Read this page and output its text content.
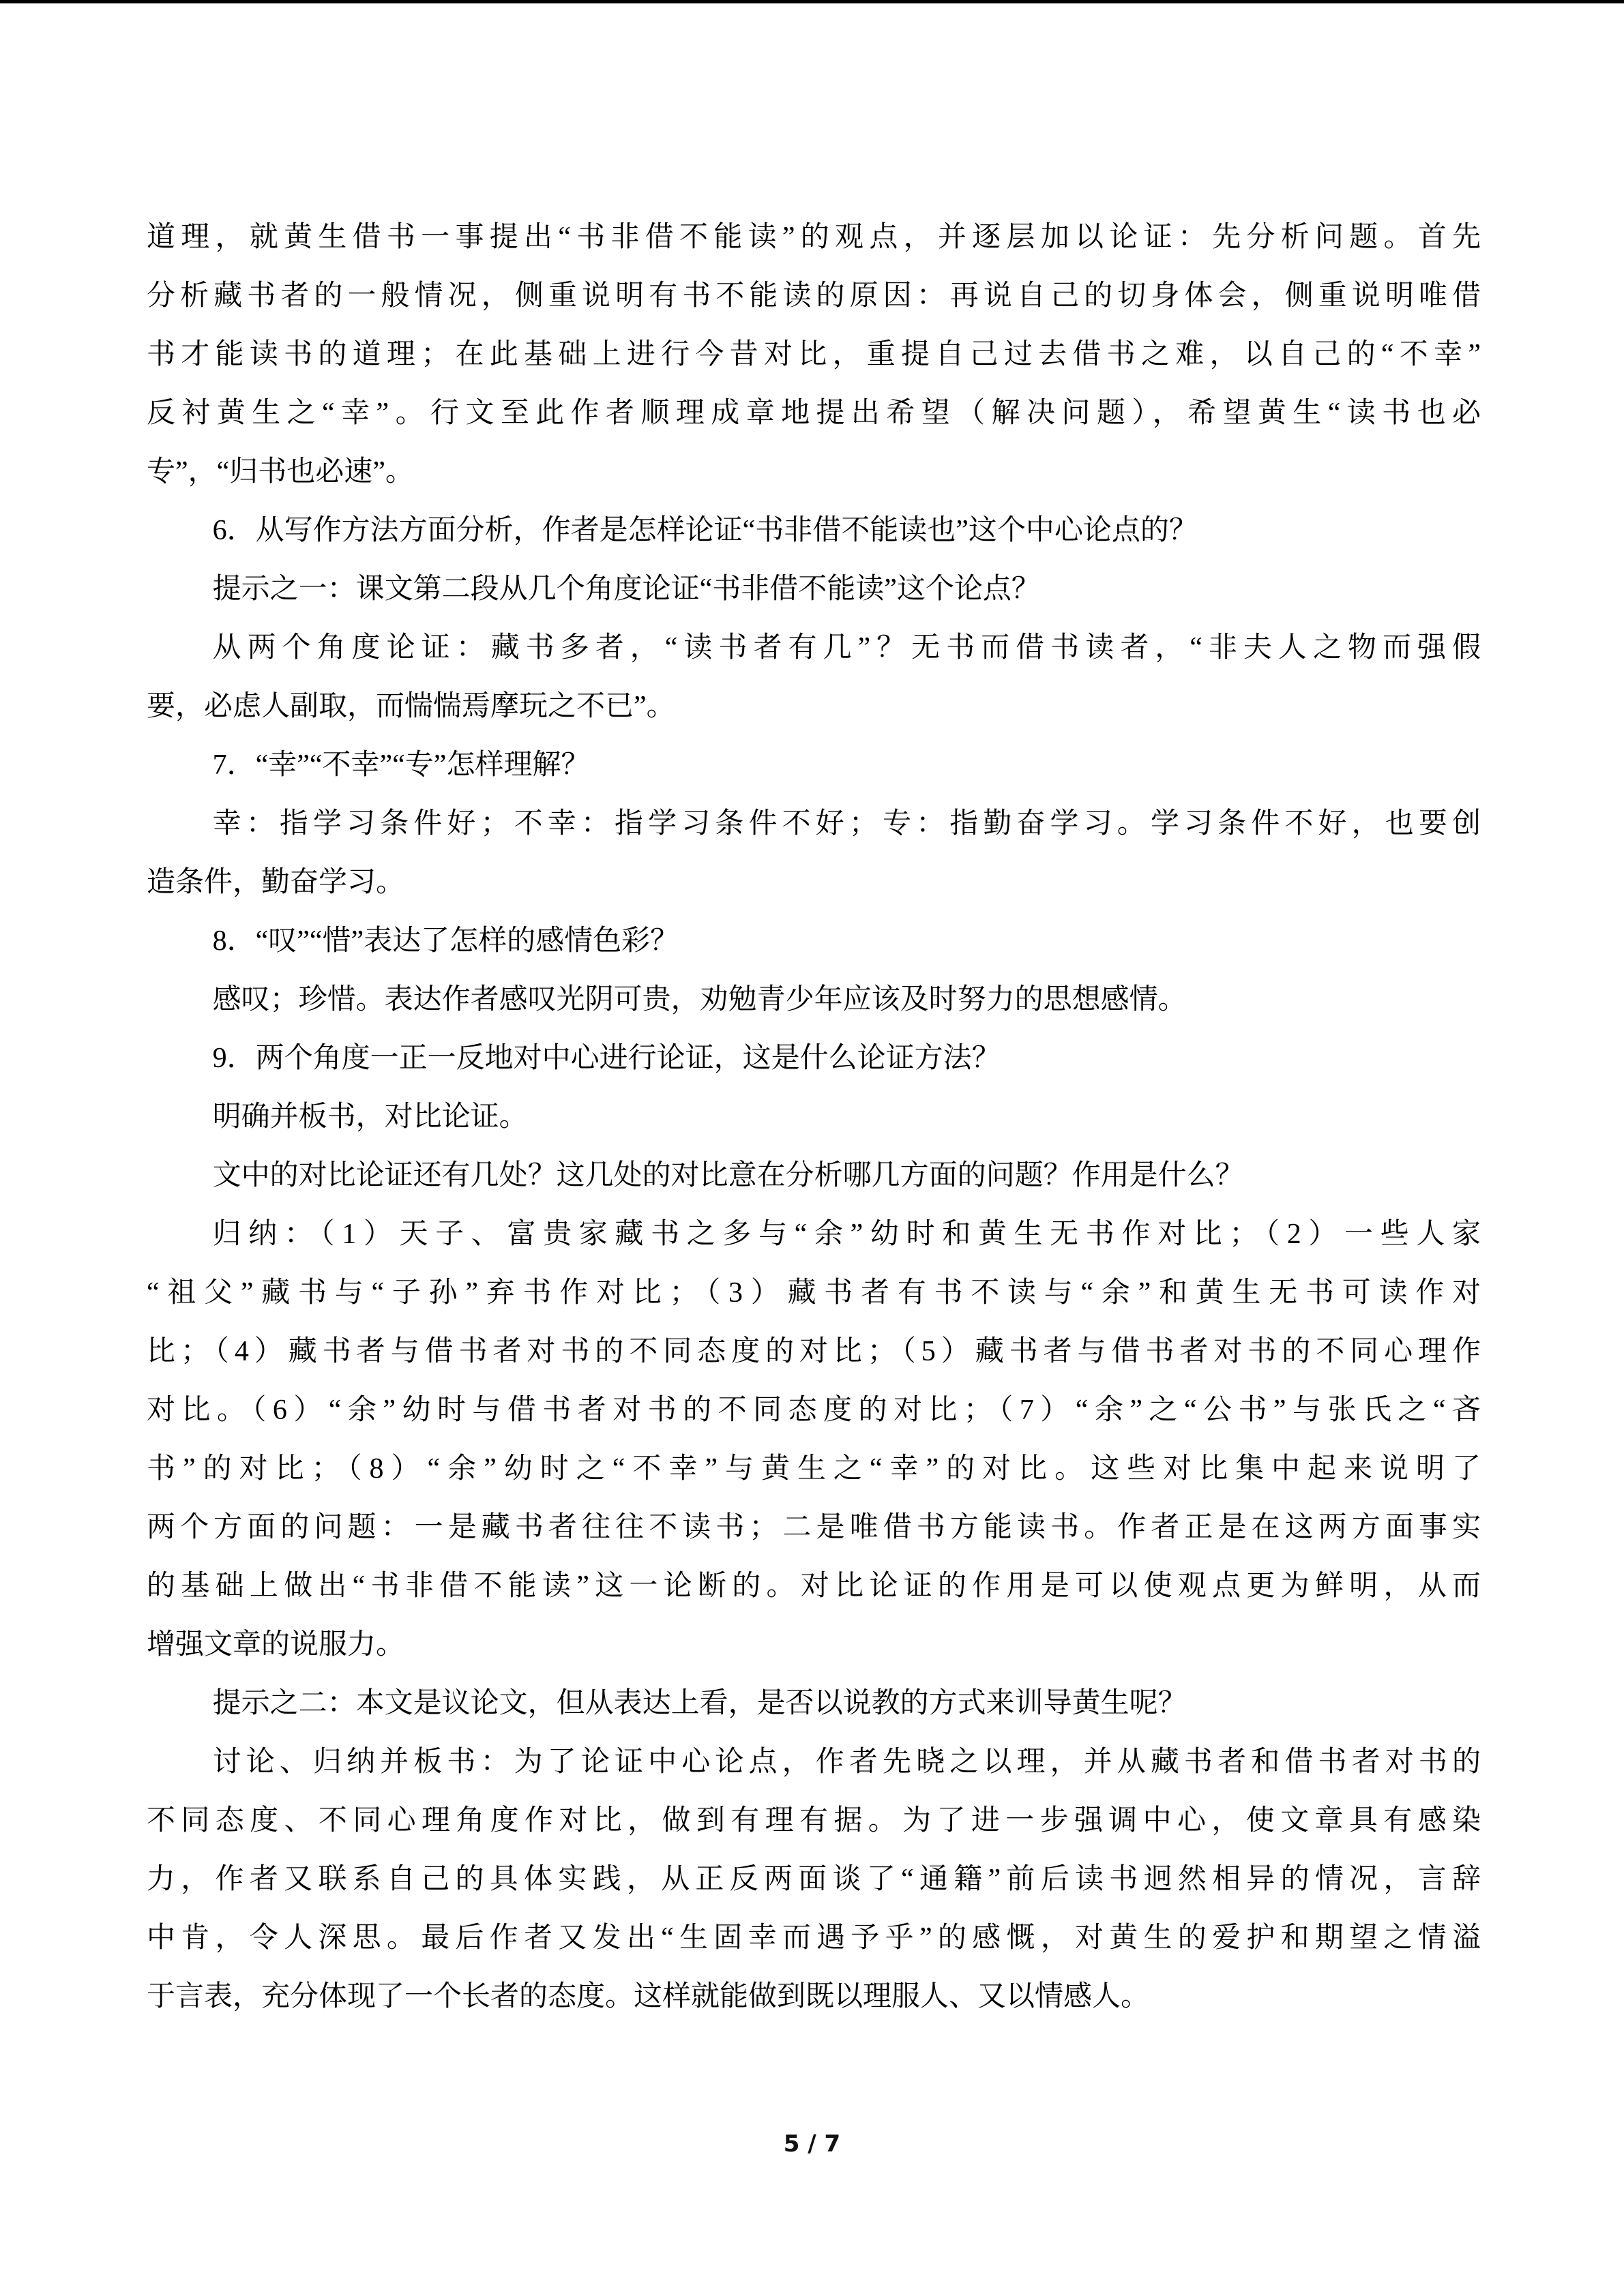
道理，就黄生借书一事提出“书非借不能读”的观点，并逐层加以论证：先分析问题。首先
分析藏书者的一般情况，侧重说明有书不能读的原因：再说自己的切身体会，侧重说明唯借
书才能读书的道理；在此基础上进行今昔对比，重提自己过去借书之难，以自己的“不幸”
反衬黄生之“幸”。行文至此作者顺理成章地提出希望（解决问题），希望黄生“读书也必
专”，“归书也必速”。
6．从写作方法方面分析，作者是怎样论证“书非借不能读也”这个中心论点的？
提示之一：课文第二段从几个角度论证“书非借不能读”这个论点？
从两个角度论证：藏书多者，“读书者有几”？无书而借书读者，“非夫人之物而强假
要，必虑人副取，而惴惴焉摩玩之不已”。
7．“幸”“不幸”“专”怎样理解？
幸：指学习条件好；不幸：指学习条件不好；专：指勤奋学习。学习条件不好，也要创
造条件，勤奋学习。
8．“叹”“惜”表达了怎样的感情色彩？
感叹；珍惜。表达作者感叹光阴可贵，劝勉青少年应该及时努力的思想感情。
9．两个角度一正一反地对中心进行论证，这是什么论证方法？
明确并板书，对比论证。
文中的对比论证还有几处？这几处的对比意在分析哪几方面的问题？作用是什么？
归纳：（1）天子、富贵家藏书之多与“余”幼时和黄生无书作对比；（2）一些人家
“祖父”藏书与“子孙”弃书作对比；（3）藏书者有书不读与“余”和黄生无书可读作对
比；（4）藏书者与借书者对书的不同态度的对比；（5）藏书者与借书者对书的不同心理作
对比。（6）“余”幼时与借书者对书的不同态度的对比；（7）“余”之“公书”与张氏之“吝
书”的对比；（8）“余”幼时之“不幸”与黄生之“幸”的对比。这些对比集中起来说明了
两个方面的问题：一是藏书者往往不读书；二是唯借书方能读书。作者正是在这两方面事实
的基础上做出“书非借不能读”这一论断的。对比论证的作用是可以使观点更为鲜明，从而
增强文章的说服力。
提示之二：本文是议论文，但从表达上看，是否以说教的方式来训导黄生呢？
讨论、归纳并板书：为了论证中心论点，作者先晓之以理，并从藏书者和借书者对书的
不同态度、不同心理角度作对比，做到有理有据。为了进一步强调中心，使文章具有感染
力，作者又联系自己的具体实践，从正反两面谈了“通籍”前后读书迥然相异的情况，言辞
中肯，令人深思。最后作者又发出“生固幸而遇予乎”的感慨，对黄生的爱护和期望之情溢
于言表，充分体现了一个长者的态度。这样就能做到既以理服人、又以情感人。
5 / 7
